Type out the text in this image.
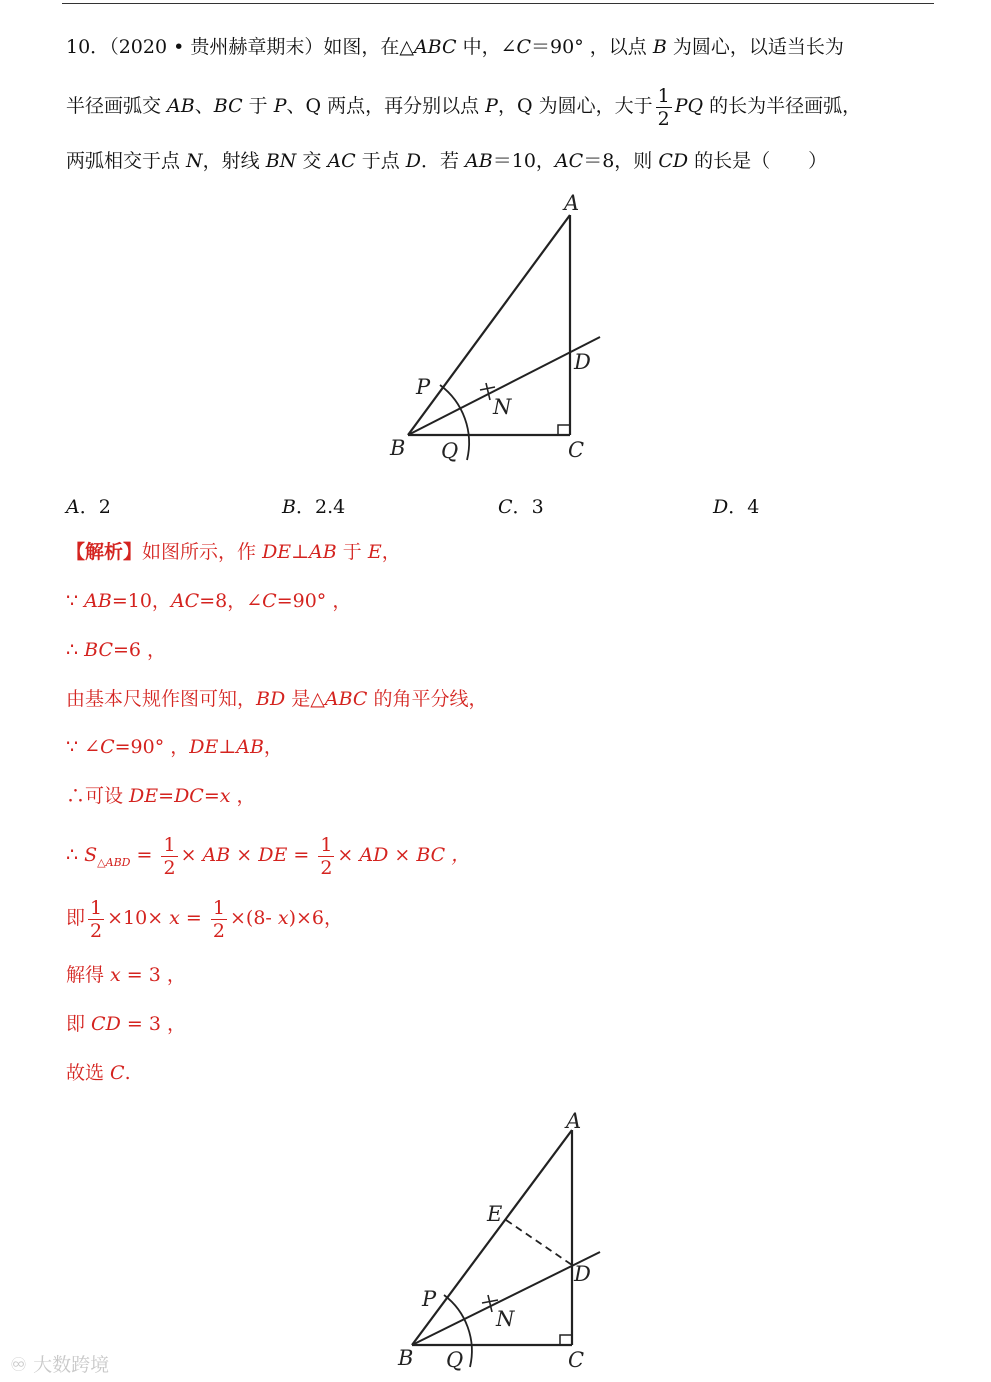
10．（2020 • 贵州赫章期末）如图，在△ABC 中，∠C＝90° ，以点 B 为圆心，以适当长为
半径画弧交 AB、BC 于 P、Q 两点，再分别以点 P，Q 为圆心，大于 $\frac{1}{2}$ PQ 的长为半径画弧，
两弧相交于点 N，射线 BN 交 AC 于点 D．若 AB＝10，AC＝8，则 CD 的长是（　　）
A
B	C
D
P
Q
N
A．2	B．2.4	C．3	D．4
【解析】如图所示，作 DE⊥AB 于 E，
∵ AB=10，AC=8，∠C=90° ，
∴ BC=6 ，
由基本尺规作图可知，BD 是△ABC 的角平分线，
∵ ∠C=90° ，DE⊥AB，
∴可设 DE=DC=x ，
∴ $S_{\triangle ABD} = \frac{1}{2}$ × AB × DE = $\frac{1}{2}$ × AD × BC ，
即 $\frac{1}{2} \times 10\times x = \frac{1}{2} \times(8-$ x)×6，
解得 x = 3 ，
即 CD = 3 ，
故选 C.
A
B	C
D
E
P
Q
N
♾ 大数跨境
